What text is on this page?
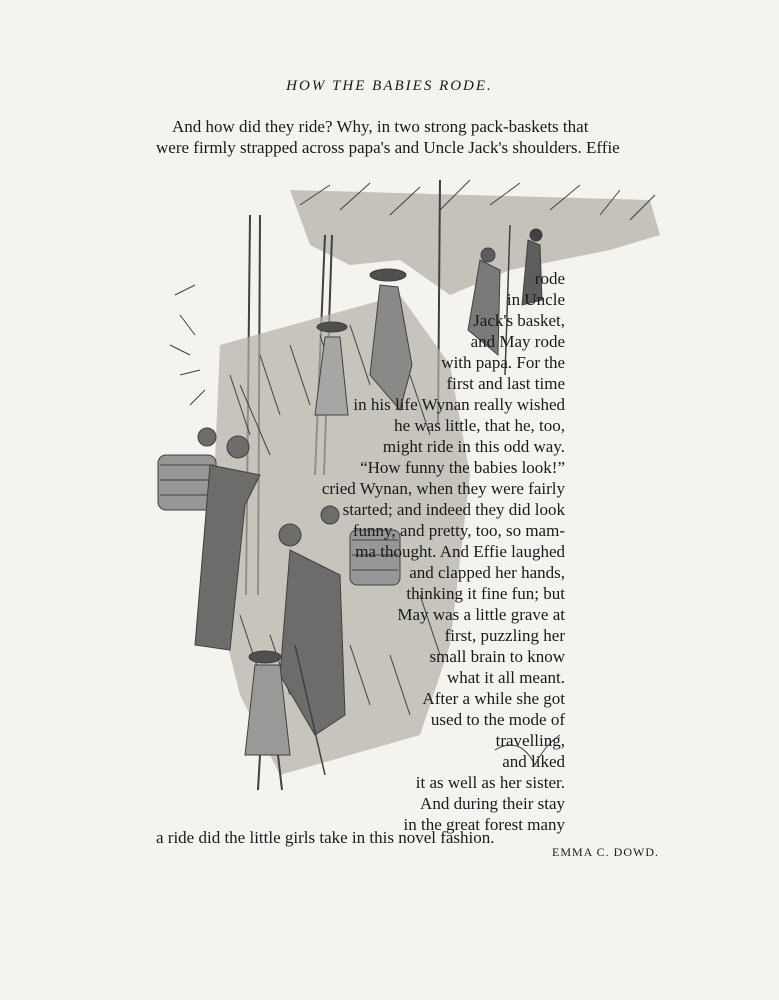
HOW THE BABIES RODE.
And how did they ride? Why, in two strong pack-baskets that
were firmly strapped across papa's and Uncle Jack's shoulders. Effie
rode
in Uncle
Jack's basket,
and May rode
with papa. For the
first and last time
in his life Wynan really wished
he was little, that he, too,
might ride in this odd way.
“How funny the babies look!”
cried Wynan, when they were fairly
started; and indeed they did look
funny, and pretty, too, so mam-
ma thought. And Effie laughed
and clapped her hands,
thinking it fine fun; but
May was a little grave at
first, puzzling her
small brain to know
what it all meant.
After a while she got
used to the mode of
travelling,
and liked
it as well as her sister.
And during their stay
in the great forest many
a ride did the little girls take in this novel fashion.
EMMA C. DOWD.
